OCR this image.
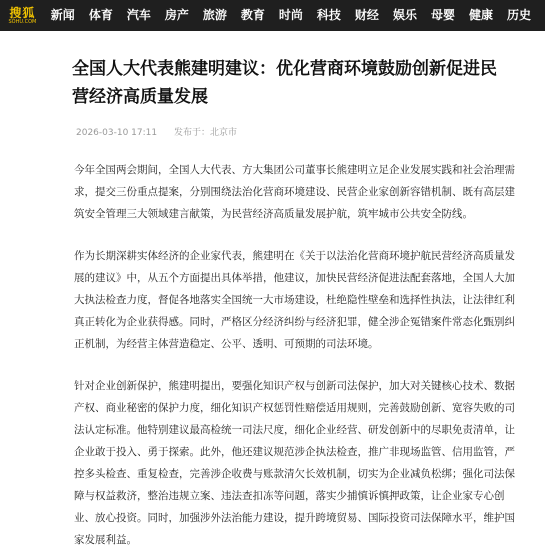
搜狐
SOHU.COM 新闻 体育 汽车 房产 旅游 教育 时尚 科技 财经 娱乐 母婴 健康 历史
全国人大代表熊建明建议：优化营商环境鼓励创新促进民营经济高质量发展
2026-03-10 17:11 发布于：北京市

今年全国两会期间，全国人大代表、方大集团公司董事长熊建明立足企业发展实践和社会治理需求，提交三份重点提案，分别围绕法治化营商环境建设、民营企业家创新容错机制、既有高层建筑安全管理三大领域建言献策，为民营经济高质量发展护航，筑牢城市公共安全防线。

作为长期深耕实体经济的企业家代表，熊建明在《关于以法治化营商环境护航民营经济高质量发展的建议》中，从五个方面提出具体举措，他建议，加快民营经济促进法配套落地，全国人大加大执法检查力度，督促各地落实全国统一大市场建设，杜绝隐性壁垒和选择性执法，让法律红利真正转化为企业获得感。同时，严格区分经济纠纷与经济犯罪，健全涉企冤错案件常态化甄别纠正机制，为经营主体营造稳定、公平、透明、可预期的司法环境。

针对企业创新保护，熊建明提出，要强化知识产权与创新司法保护，加大对关键核心技术、数据产权、商业秘密的保护力度，细化知识产权惩罚性赔偿适用规则，完善鼓励创新、宽容失败的司法认定标准。他特别建议最高检统一司法尺度，细化企业经营、研发创新中的尽职免责清单，让企业敢于投入、勇于探索。此外，他还建议规范涉企执法检查，推广非现场监管、信用监管，严控多头检查、重复检查，完善涉企收费与账款清欠长效机制，切实为企业减负松绑；强化司法保障与权益救济，整治违规立案、违法查扣冻等问题，落实少捕慎诉慎押政策，让企业家专心创业、放心投资。同时，加强涉外法治能力建设，提升跨境贸易、国际投资司法保障水平，维护国家发展利益。
